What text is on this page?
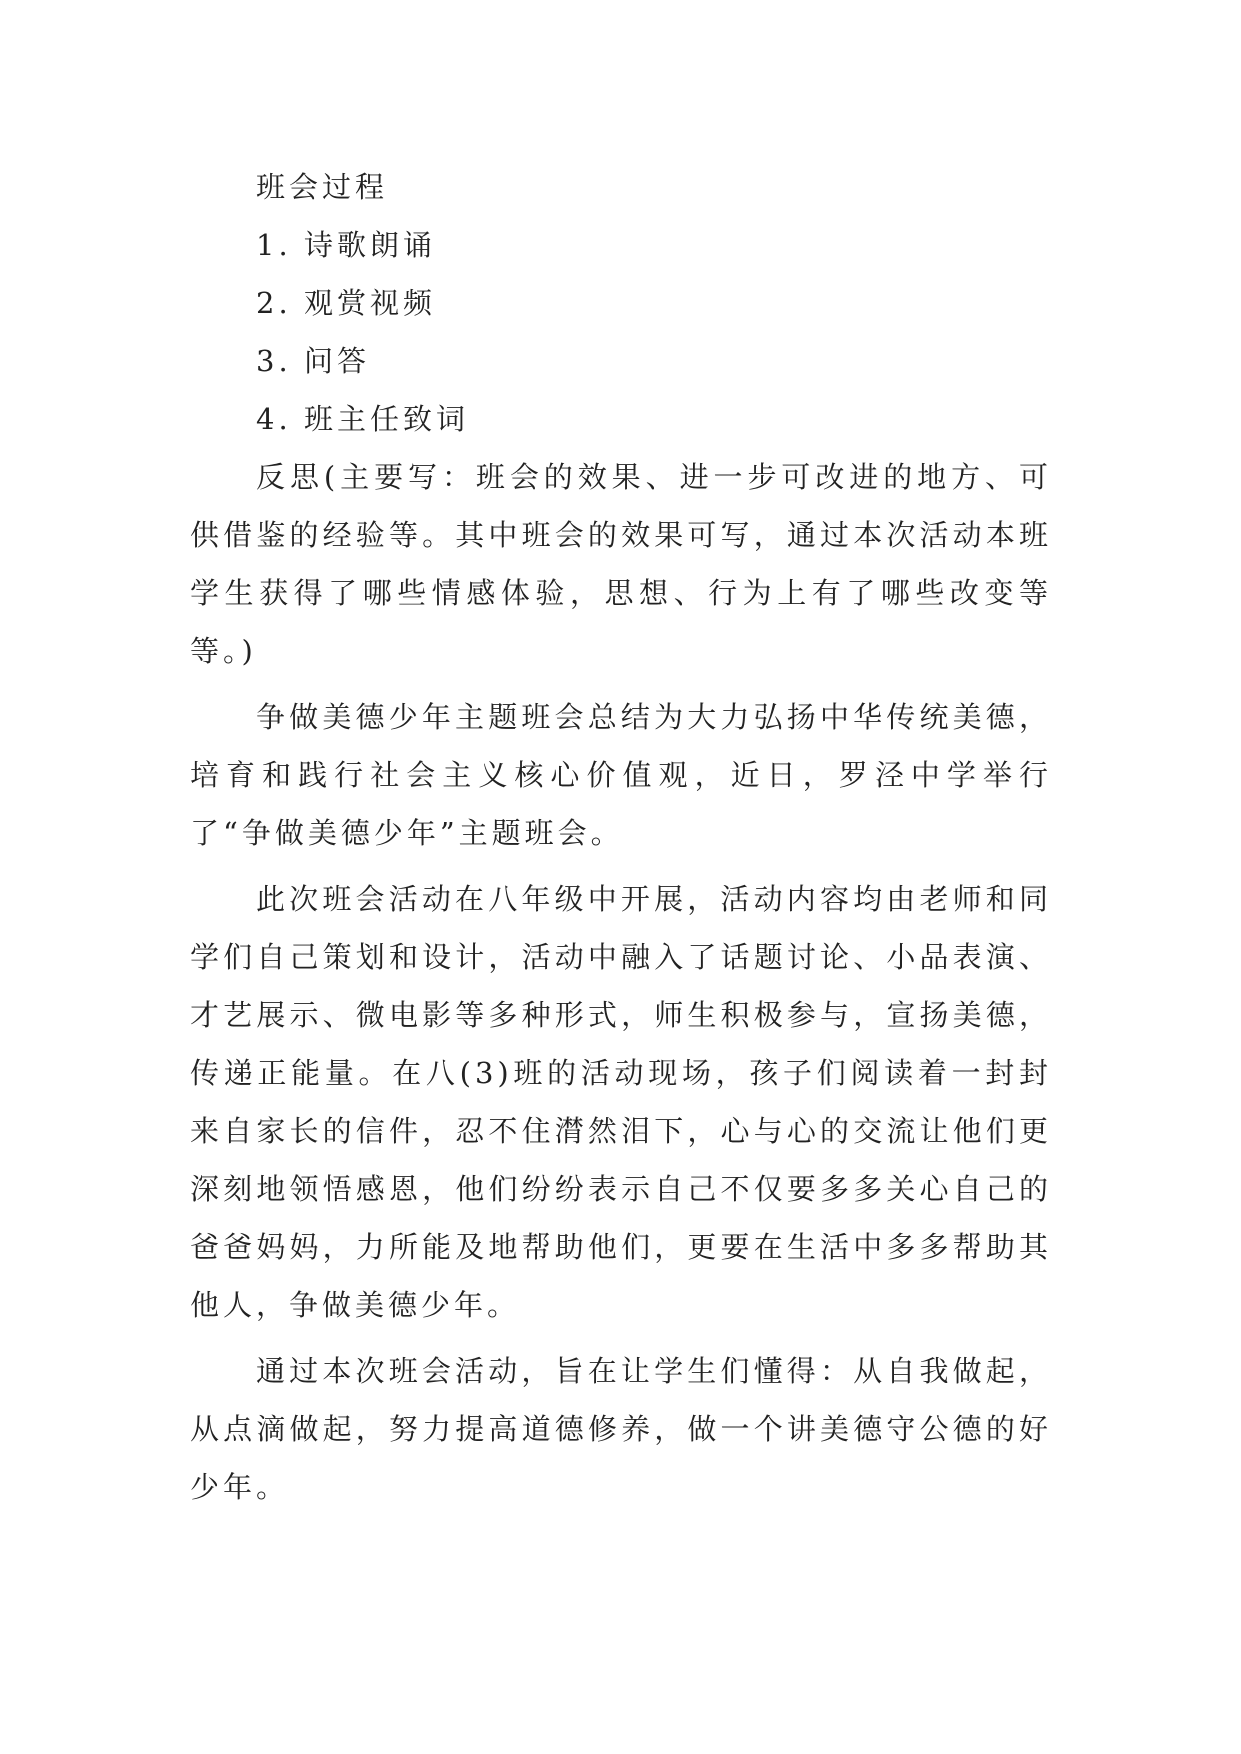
班会过程

1. 诗歌朗诵
2. 观赏视频
3. 问答
4. 班主任致词

反思(主要写：班会的效果、进一步可改进的地方、可供借鉴的经验等。其中班会的效果可写，通过本次活动本班学生获得了哪些情感体验，思想、行为上有了哪些改变等等。)

争做美德少年主题班会总结为大力弘扬中华传统美德，培育和践行社会主义核心价值观，近日，罗泾中学举行了“争做美德少年”主题班会。

此次班会活动在八年级中开展，活动内容均由老师和同学们自己策划和设计，活动中融入了话题讨论、小品表演、才艺展示、微电影等多种形式，师生积极参与，宣扬美德，传递正能量。在八(3)班的活动现场，孩子们阅读着一封封来自家长的信件，忍不住潸然泪下，心与心的交流让他们更深刻地领悟感恩，他们纷纷表示自己不仅要多多关心自己的爸爸妈妈，力所能及地帮助他们，更要在生活中多多帮助其他人，争做美德少年。

通过本次班会活动，旨在让学生们懂得：从自我做起，从点滴做起，努力提高道德修养，做一个讲美德守公德的好少年。
